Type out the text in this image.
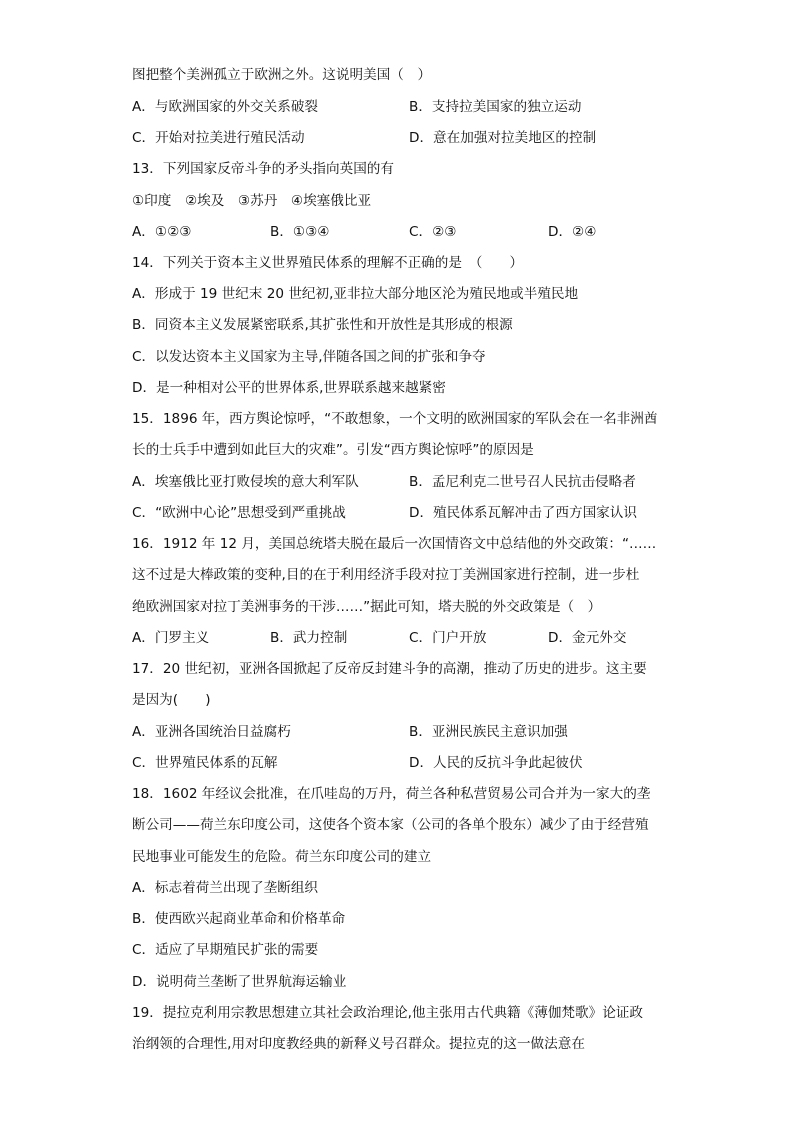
图把整个美洲孤立于欧洲之外。这说明美国（　）
A．与欧洲国家的外交关系破裂	B．支持拉美国家的独立运动
C．开始对拉美进行殖民活动	D．意在加强对拉美地区的控制
13．下列国家反帝斗争的矛头指向英国的有
①印度　②埃及　③苏丹　④埃塞俄比亚
A．①②③	B．①③④	C．②③	D．②④
14．下列关于资本主义世界殖民体系的理解不正确的是　（　　）
A．形成于 19 世纪末 20 世纪初,亚非拉大部分地区沦为殖民地或半殖民地
B．同资本主义发展紧密联系,其扩张性和开放性是其形成的根源
C．以发达资本主义国家为主导,伴随各国之间的扩张和争夺
D．是一种相对公平的世界体系,世界联系越来越紧密
15．1896 年，西方舆论惊呼，“不敢想象，一个文明的欧洲国家的军队会在一名非洲酋
长的士兵手中遭到如此巨大的灾难”。引发“西方舆论惊呼”的原因是
A．埃塞俄比亚打败侵埃的意大利军队	B．孟尼利克二世号召人民抗击侵略者
C．“欧洲中心论”思想受到严重挑战	D．殖民体系瓦解冲击了西方国家认识
16．1912 年 12 月，美国总统塔夫脱在最后一次国情咨文中总结他的外交政策：“……
这不过是大棒政策的变种,目的在于利用经济手段对拉丁美洲国家进行控制，进一步杜
绝欧洲国家对拉丁美洲事务的干涉……”据此可知，塔夫脱的外交政策是（　）
A．门罗主义	B．武力控制	C．门户开放	D．金元外交
17．20 世纪初，亚洲各国掀起了反帝反封建斗争的高潮，推动了历史的进步。这主要
是因为(　　)
A．亚洲各国统治日益腐朽	B．亚洲民族民主意识加强
C．世界殖民体系的瓦解	D．人民的反抗斗争此起彼伏
18．1602 年经议会批准，在爪哇岛的万丹，荷兰各种私营贸易公司合并为一家大的垄
断公司——荷兰东印度公司，这使各个资本家（公司的各单个股东）减少了由于经营殖
民地事业可能发生的危险。荷兰东印度公司的建立
A．标志着荷兰出现了垄断组织
B．使西欧兴起商业革命和价格革命
C．适应了早期殖民扩张的需要
D．说明荷兰垄断了世界航海运输业
19．提拉克利用宗教思想建立其社会政治理论,他主张用古代典籍《薄伽梵歌》论证政
治纲领的合理性,用对印度教经典的新释义号召群众。提拉克的这一做法意在
